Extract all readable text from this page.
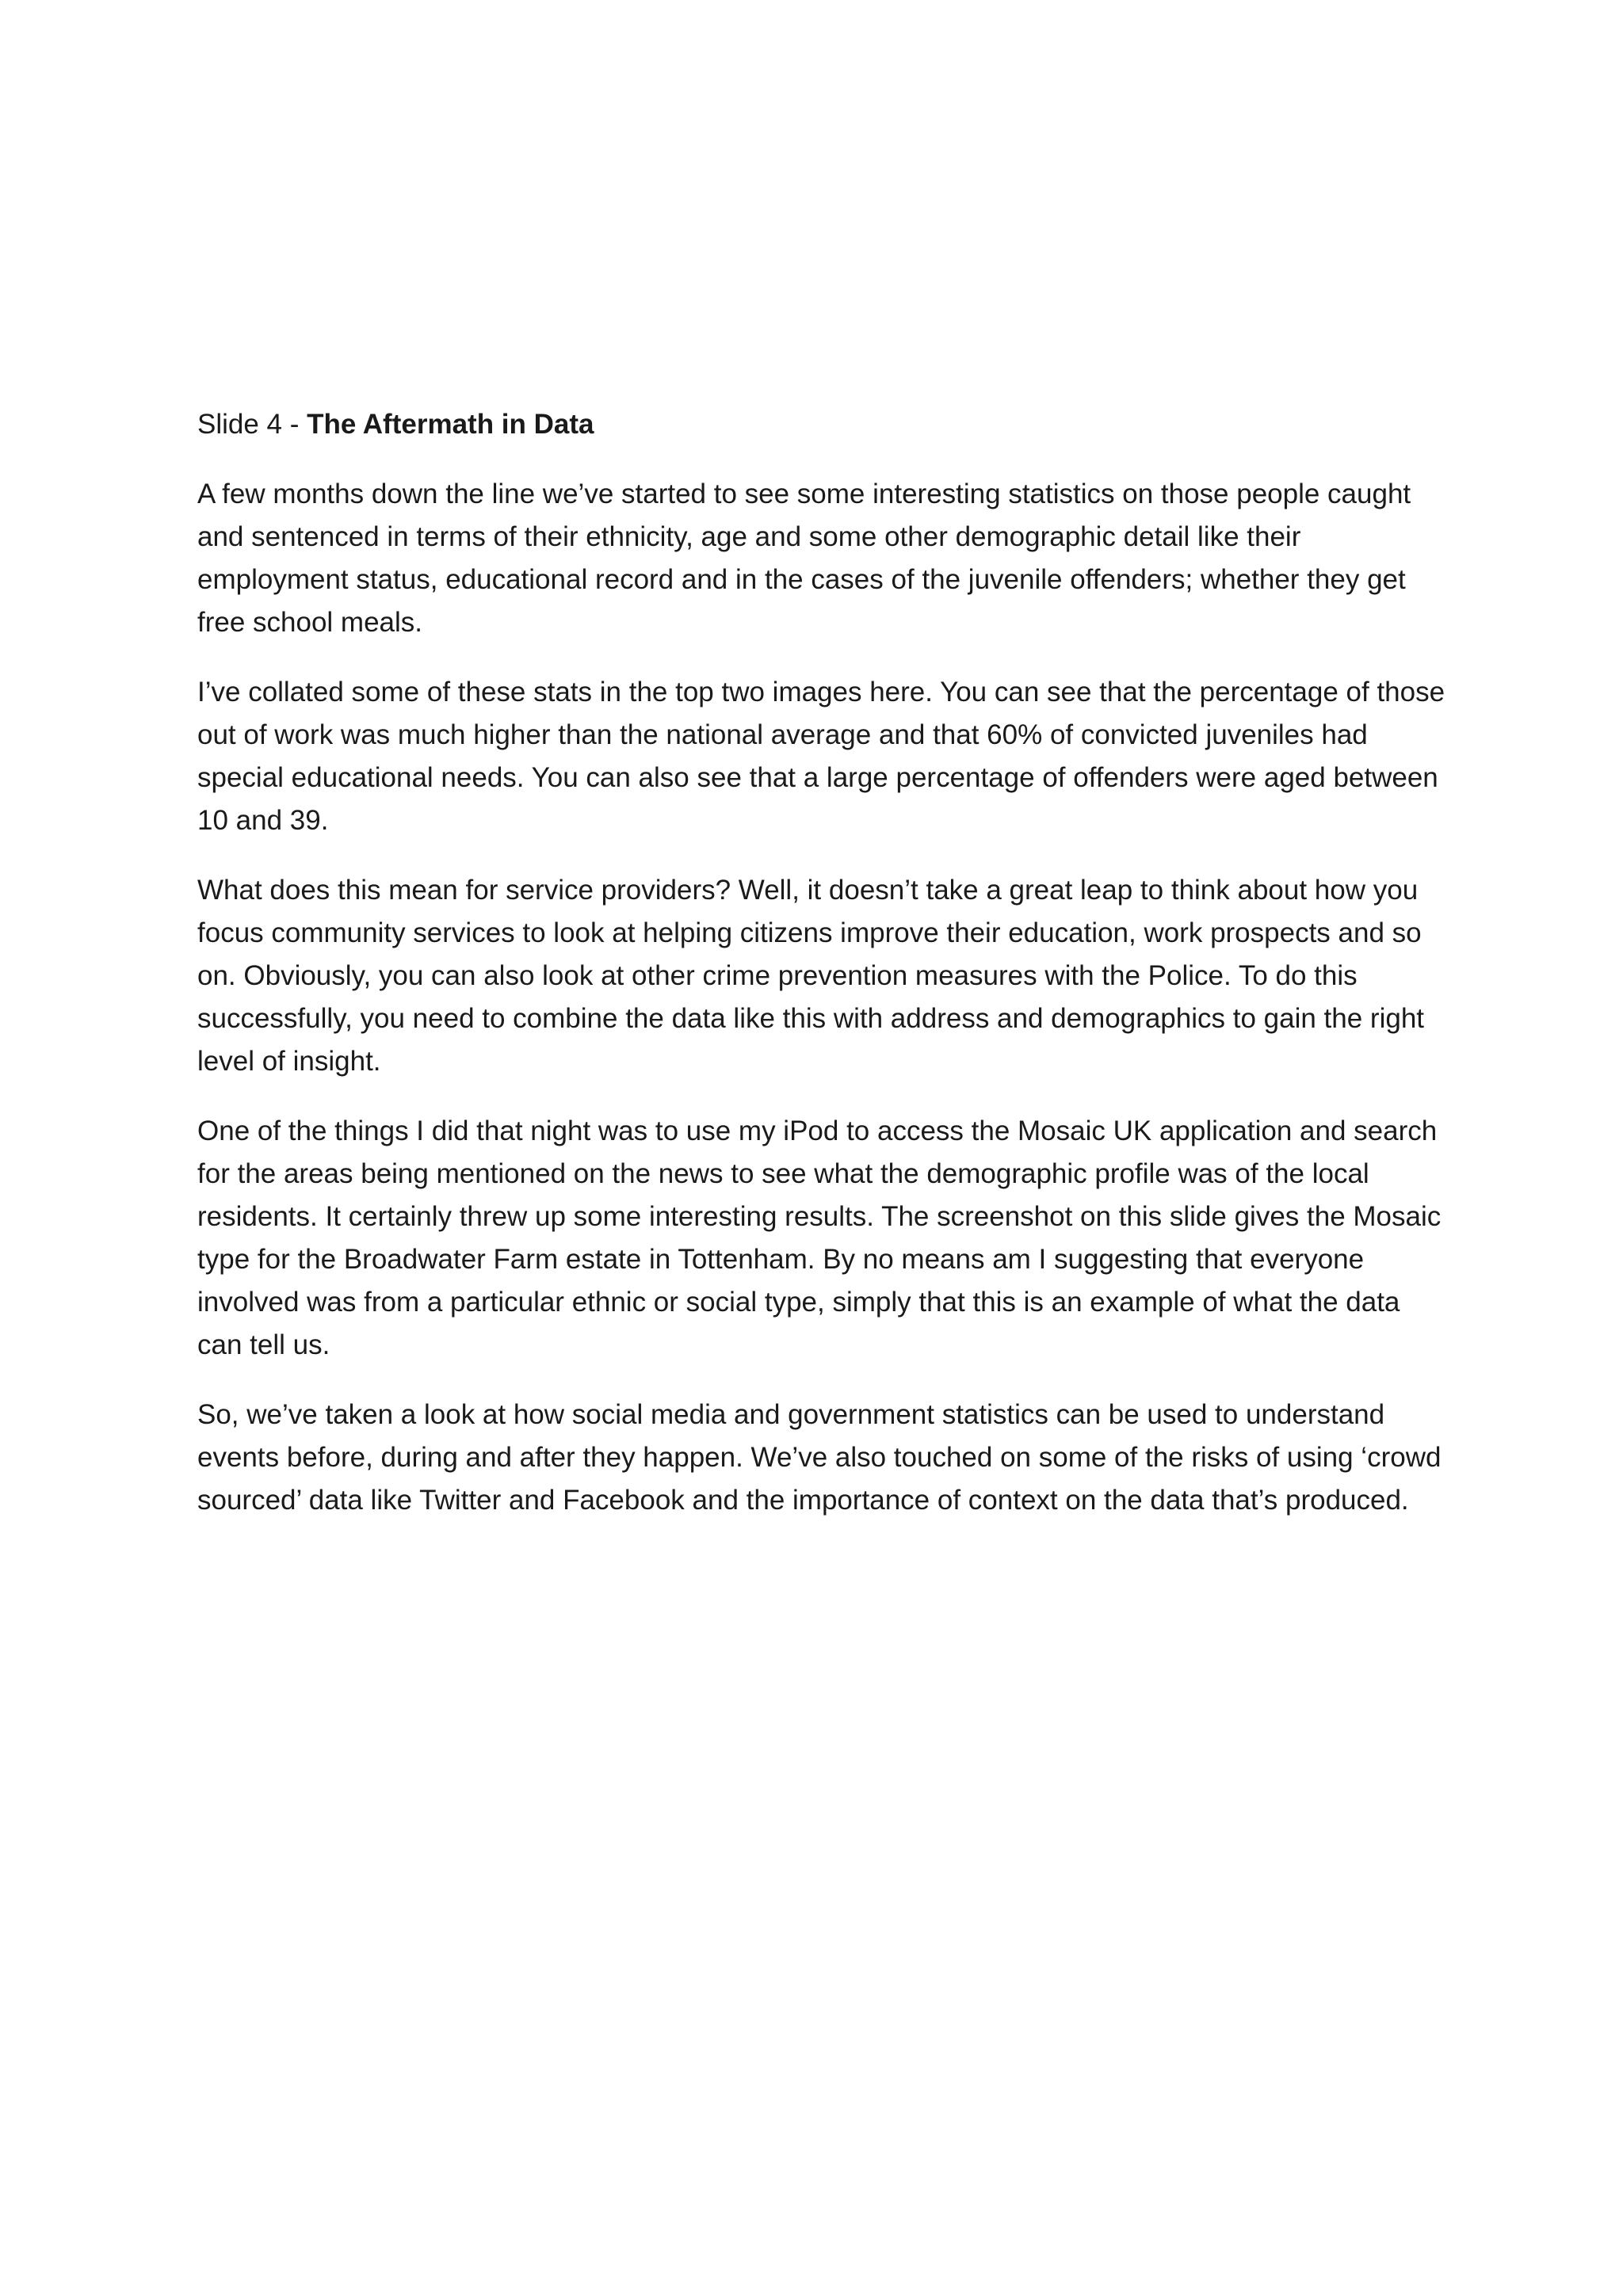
Slide 4 - The Aftermath in Data

A few months down the line we’ve started to see some interesting statistics on those people caught and sentenced in terms of their ethnicity, age and some other demographic detail like their employment status, educational record and in the cases of the juvenile offenders; whether they get free school meals.

I’ve collated some of these stats in the top two images here. You can see that the percentage of those out of work was much higher than the national average and that 60% of convicted juveniles had special educational needs. You can also see that a large percentage of offenders were aged between 10 and 39.

What does this mean for service providers? Well, it doesn’t take a great leap to think about how you focus community services to look at helping citizens improve their education, work prospects and so on. Obviously, you can also look at other crime prevention measures with the Police. To do this successfully, you need to combine the data like this with address and demographics to gain the right level of insight.

One of the things I did that night was to use my iPod to access the Mosaic UK application and search for the areas being mentioned on the news to see what the demographic profile was of the local residents. It certainly threw up some interesting results. The screenshot on this slide gives the Mosaic type for the Broadwater Farm estate in Tottenham. By no means am I suggesting that everyone involved was from a particular ethnic or social type, simply that this is an example of what the data can tell us.

So, we’ve taken a look at how social media and government statistics can be used to understand events before, during and after they happen. We’ve also touched on some of the risks of using ‘crowd sourced’ data like Twitter and Facebook and the importance of context on the data that’s produced.
